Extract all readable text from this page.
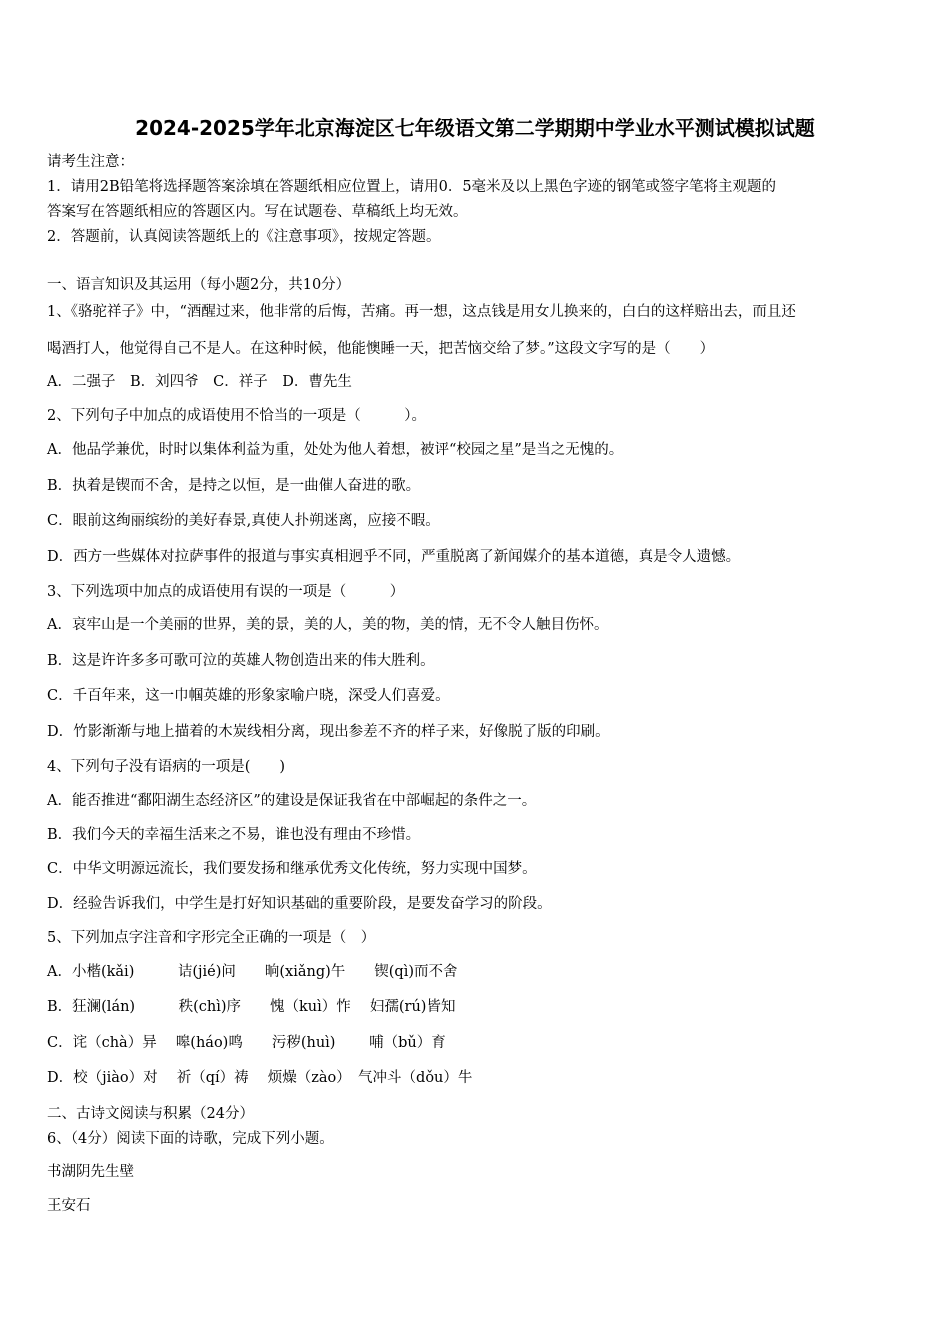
2024-2025学年北京海淀区七年级语文第二学期期中学业水平测试模拟试题
请考生注意：
1．请用2B铅笔将选择题答案涂填在答题纸相应位置上，请用0．5毫米及以上黑色字迹的钢笔或签字笔将主观题的
答案写在答题纸相应的答题区内。写在试题卷、草稿纸上均无效。
2．答题前，认真阅读答题纸上的《注意事项》，按规定答题。
一、语言知识及其运用（每小题2分，共10分）
1、《骆驼祥子》中，“酒醒过来，他非常的后悔，苦痛。再一想，这点钱是用女儿换来的，白白的这样赔出去，而且还
喝酒打人，他觉得自己不是人。在这种时候，他能懊睡一天，把苦恼交给了梦。”这段文字写的是（　　）
A．二强子　B．刘四爷　C．祥子　D．曹先生
2、下列句子中加点的成语使用不恰当的一项是（　　　）。
A．他品学兼优，时时以集体利益为重，处处为他人着想，被评“校园之星”是当之无愧的。
B．执着是锲而不舍，是持之以恒，是一曲催人奋进的歌。
C．眼前这绚丽缤纷的美好春景,真使人扑朔迷离，应接不暇。
D．西方一些媒体对拉萨事件的报道与事实真相迥乎不同，严重脱离了新闻媒介的基本道德，真是令人遗憾。
3、下列选项中加点的成语使用有误的一项是（　　　）
A．哀牢山是一个美丽的世界，美的景，美的人，美的物，美的情，无不令人触目伤怀。
B．这是许许多多可歌可泣的英雄人物创造出来的伟大胜利。
C．千百年来，这一巾帼英雄的形象家喻户晓，深受人们喜爱。
D．竹影渐渐与地上描着的木炭线相分离，现出参差不齐的样子来，好像脱了版的印刷。
4、下列句子没有语病的一项是(　　)
A．能否推进“鄱阳湖生态经济区”的建设是保证我省在中部崛起的条件之一。
B．我们今天的幸福生活来之不易，谁也没有理由不珍惜。
C．中华文明源远流长，我们要发扬和继承优秀文化传统，努力实现中国梦。
D．经验告诉我们，中学生是打好知识基础的重要阶段，是要发奋学习的阶段。
5、下列加点字注音和字形完全正确的一项是（　）
A．小楷(kǎi)　　　诘(jié)问　　晌(xiǎng)午　　锲(qì)而不舍
B．狂澜(lán)　　　秩(chì)序　　愧（kuì）怍　 妇孺(rú)皆知
C．诧（chà）异　 嗥(háo)鸣　　污秽(huì)　　 哺（bǔ）育
D．校（jiào）对　 祈（qí）祷　 烦燥（zào）　气冲斗（dǒu）牛
二、古诗文阅读与积累（24分）
6、（4分）阅读下面的诗歌，完成下列小题。
书湖阴先生壁
王安石
